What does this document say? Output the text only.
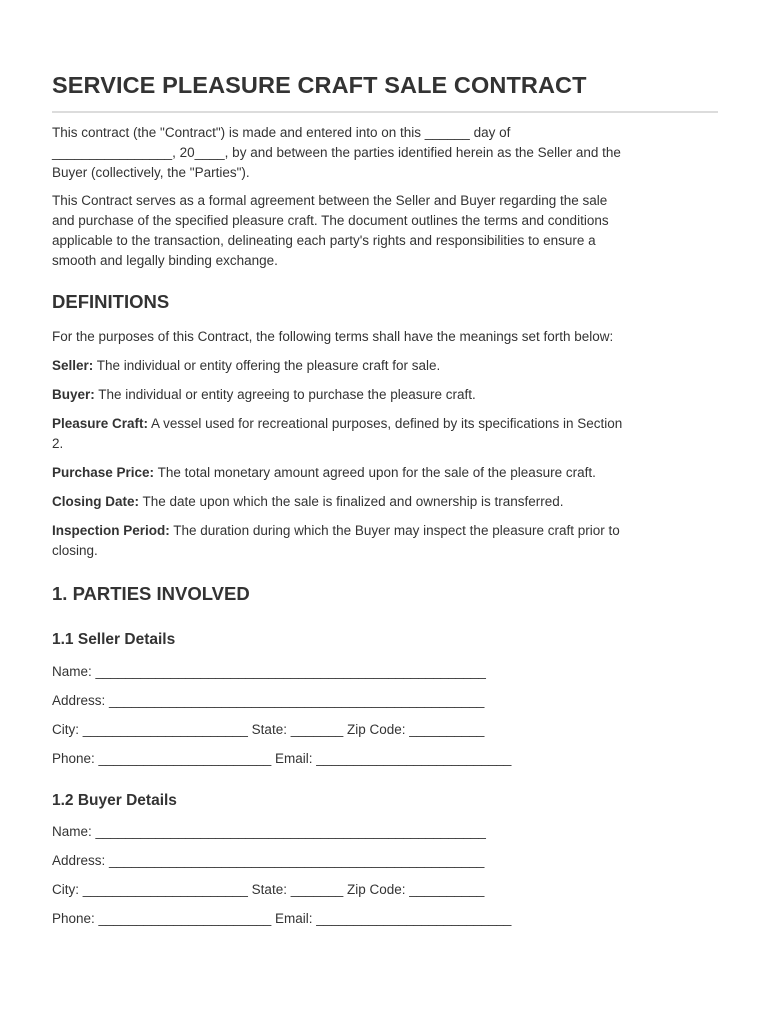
SERVICE PLEASURE CRAFT SALE CONTRACT

This contract (the "Contract") is made and entered into on this ______ day of
________________, 20____, by and between the parties identified herein as the Seller and the
Buyer (collectively, the "Parties").

This Contract serves as a formal agreement between the Seller and Buyer regarding the sale
and purchase of the specified pleasure craft. The document outlines the terms and conditions
applicable to the transaction, delineating each party's rights and responsibilities to ensure a
smooth and legally binding exchange.

DEFINITIONS

For the purposes of this Contract, the following terms shall have the meanings set forth below:

Seller: The individual or entity offering the pleasure craft for sale.

Buyer: The individual or entity agreeing to purchase the pleasure craft.

Pleasure Craft: A vessel used for recreational purposes, defined by its specifications in Section
2.

Purchase Price: The total monetary amount agreed upon for the sale of the pleasure craft.

Closing Date: The date upon which the sale is finalized and ownership is transferred.

Inspection Period: The duration during which the Buyer may inspect the pleasure craft prior to
closing.

1. PARTIES INVOLVED
1.1 Seller Details

Name: ____________________________________________________

Address: __________________________________________________

City: ______________________ State: _______ Zip Code: __________

Phone: _______________________ Email: __________________________

1.2 Buyer Details

Name: ____________________________________________________

Address: __________________________________________________

City: ______________________ State: _______ Zip Code: __________

Phone: _______________________ Email: __________________________
